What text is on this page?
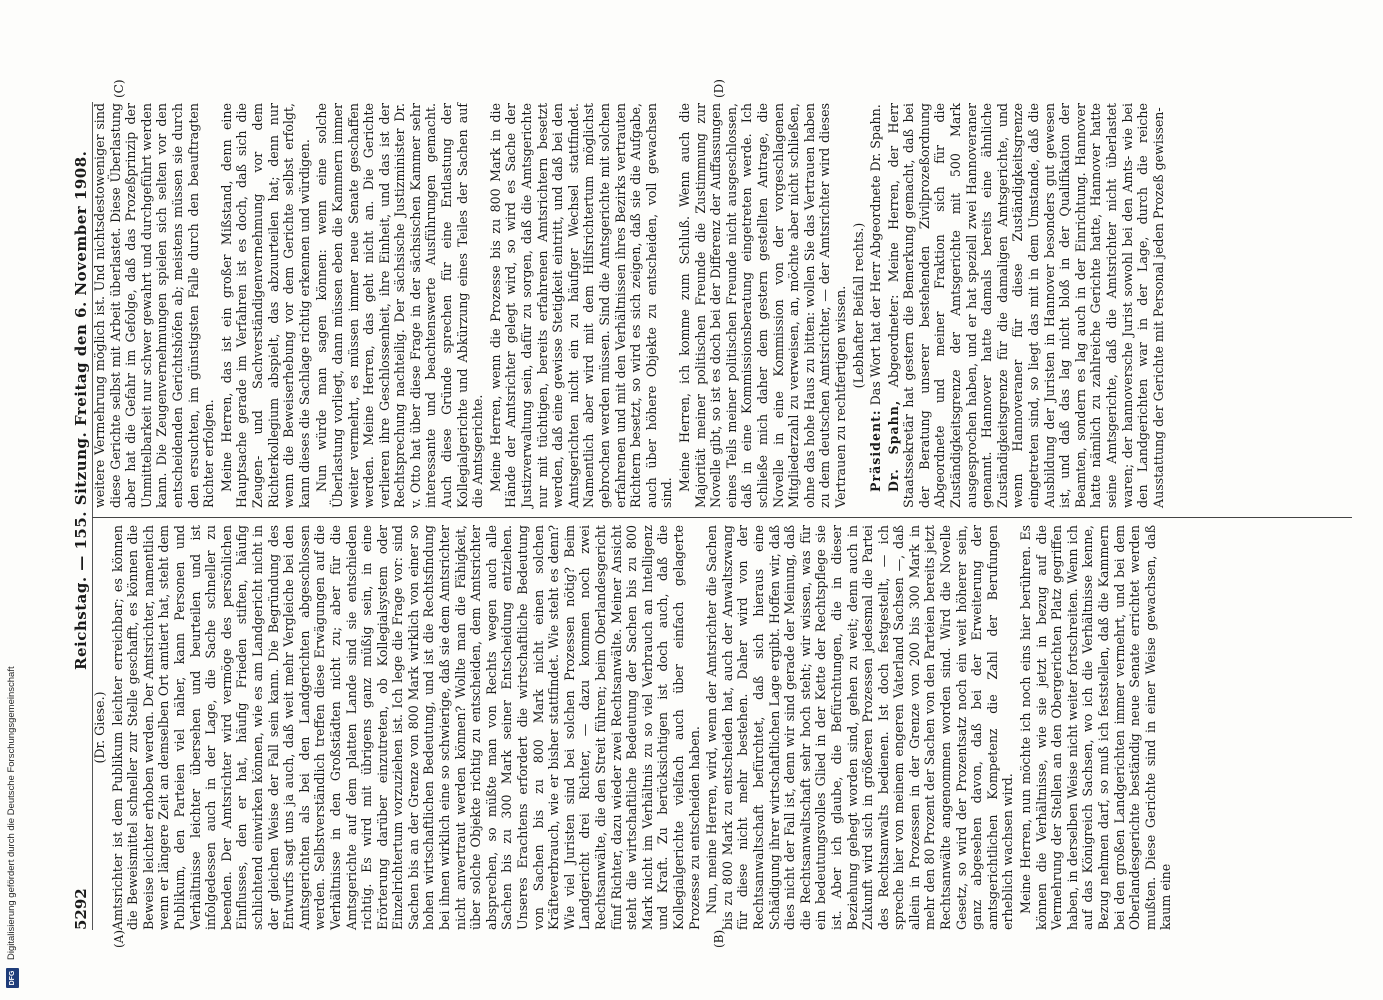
5292
Reichstag. — 155. Sitzung. Freitag den 6. November 1908.
DFG
Digitalisierung gefördert durch die Deutsche Forschungsgemeinschaft	(A)	(B)
(C)	(D)

(Dr. Giese.) Amtsrichter ist dem Publikum leichter erreichbar; es können die Beweismittel schneller zur Stelle geschafft, es können die Beweise leichter erhoben werden. Der Amtsrichter, namentlich wenn er längere Zeit an demselben Ort amtiert hat, steht dem Publikum, den Parteien viel näher, kann Personen und Verhältnisse leichter übersehen und beurteilen und ist infolgedessen auch in der Lage, die Sache schneller zu beenden. Der Amtsrichter wird vermöge des persönlichen Einflusses, den er hat, häufig Frieden stiften, häufig schlichtend einwirken können, wie es am Landgericht nicht in der gleichen Weise der Fall sein kann. Die Begründung des Entwurfs sagt uns ja auch, daß weit mehr Vergleiche bei den Amtsgerichten als bei den Landgerichten abgeschlossen werden. Selbstverständlich treffen diese Erwägungen auf die Verhältnisse in den Großstädten nicht zu; aber für die Amtsgerichte auf dem platten Lande sind sie entschieden richtig. Es wird mit übrigens ganz müßig sein, in eine Erörterung darüber einzutreten, ob Kollegialsystem oder Einzelrichtertum vorzuziehen ist. Ich lege die Frage vor: sind Sachen bis an der Grenze von 800 Mark wirklich von einer so hohen wirtschaftlichen Bedeutung, und ist die Rechtsfindung bei ihnen wirklich eine so schwierige, daß sie dem Amtsrichter nicht anvertraut werden können? Wollte man die Fähigkeit, über solche Objekte richtig zu entscheiden, dem Amtsrichter absprechen, so müßte man von Rechts wegen auch alle Sachen bis zu 300 Mark seiner Entscheidung entziehen. Unseres Erachtens erfordert die wirtschaftliche Bedeutung von Sachen bis zu 800 Mark nicht einen solchen Kräfteverbrauch, wie er bisher stattfindet. Wie steht es denn? Wie viel Juristen sind bei solchen Prozessen nötig? Beim Landgericht drei Richter, — dazu kommen noch zwei Rechtsanwälte, die den Streit führen; beim Oberlandesgericht fünf Richter, dazu wieder zwei Rechtsanwälte. Meiner Ansicht steht die wirtschaftliche Bedeutung der Sachen bis zu 800 Mark nicht im Verhältnis zu so viel Verbrauch an Intelligenz und Kraft. Zu berücksichtigen ist doch auch, daß die Kollegialgerichte vielfach auch über einfach gelagerte Prozesse zu entscheiden haben. Nun, meine Herren, wird, wenn der Amtsrichter die Sachen bis zu 800 Mark zu entscheiden hat, auch der Anwaltszwang für diese nicht mehr bestehen. Daher wird von der Rechtsanwaltschaft befürchtet, daß sich hieraus eine Schädigung ihrer wirtschaftlichen Lage ergibt. Hoffen wir, daß dies nicht der Fall ist, denn wir sind gerade der Meinung, daß die Rechtsanwaltschaft sehr hoch steht; wir wissen, was für ein bedeutungsvolles Glied in der Kette der Rechtspflege sie ist. Aber ich glaube, die Befürchtungen, die in dieser Beziehung gehegt worden sind, gehen zu weit; denn auch in Zukunft wird sich in größeren Prozessen jedesmal die Partei des Rechtsanwalts bedienen. Ist doch festgestellt, — ich spreche hier von meinem engeren Vaterland Sachsen —, daß allein in Prozessen in der Grenze von 200 bis 300 Mark in mehr den 80 Prozent der Sachen von den Parteien bereits jetzt Rechtsanwälte angenommen worden sind. Wird die Novelle Gesetz, so wird der Prozentsatz noch ein weit höherer sein, ganz abgesehen davon, daß bei der Erweiterung der amtsgerichtlichen Kompetenz die Zahl der Berufungen erheblich wachsen wird. Meine Herren, nun möchte ich noch eins hier berühren. Es können die Verhältnisse, wie sie jetzt in bezug auf die Vermehrung der Stellen an den Obergerichten Platz gegriffen haben, in derselben Weise nicht weiter fortschreiten. Wenn ich auf das Königreich Sachsen, wo ich die Verhältnisse kenne, Bezug nehmen darf, so muß ich feststellen, daß die Kammern bei den großen Landgerichten immer vermehrt, und bei dem Oberlandesgerichte beständig neue Senate errichtet werden mußten. Diese Gerichte sind in einer Weise gewachsen, daß kaum eine

weitere Vermehrung möglich ist. Und nichtsdestoweniger sind diese Gerichte selbst mit Arbeit überlastet. Diese Überlastung aber hat die Gefahr im Gefolge, daß das Prozeßprinzip der Unmittelbarkeit nur schwer gewahrt und durchgeführt werden kann. Die Zeugenvernehmungen spielen sich selten vor den entscheidenden Gerichtshöfen ab; meistens müssen sie durch den ersuchten, im günstigsten Falle durch den beauftragten Richter erfolgen. Meine Herren, das ist ein großer Mißstand, denn eine Hauptsache gerade im Verfahren ist es doch, daß sich die Zeugen- und Sachverständigenvernehmung vor dem Richterkollegium abspielt, das abzuurteilen hat; denn nur wenn die Beweiserhebung vor dem Gerichte selbst erfolgt, kann dieses die Sachlage richtig erkennen und würdigen. Nun würde man sagen können: wenn eine solche Überlastung vorliegt, dann müssen eben die Kammern immer weiter vermehrt, es müssen immer neue Senate geschaffen werden. Meine Herren, das geht nicht an. Die Gerichte verlieren ihre Geschlossenheit, ihre Einheit, und das ist der Rechtsprechung nachteilig. Der sächsische Justizminister Dr. v. Otto hat über diese Frage in der sächsischen Kammer sehr interessante und beachtenswerte Ausführungen gemacht. Auch diese Gründe sprechen für eine Entlastung der Kollegialgerichte und Abkürzung eines Teiles der Sachen auf die Amtsgerichte. Meine Herren, wenn die Prozesse bis zu 800 Mark in die Hände der Amtsrichter gelegt wird, so wird es Sache der Justizverwaltung sein, dafür zu sorgen, daß die Amtsgerichte nur mit tüchtigen, bereits erfahrenen Amtsrichtern besetzt werden, daß eine gewisse Stetigkeit eintritt, und daß bei den Amtsgerichten nicht ein zu häufiger Wechsel stattfindet. Namentlich aber wird mit dem Hilfsrichtertum möglichst gebrochen werden müssen. Sind die Amtsgerichte mit solchen erfahrenen und mit den Verhältnissen ihres Bezirks vertrauten Richtern besetzt, so wird es sich zeigen, daß sie die Aufgabe, auch über höhere Objekte zu entscheiden, voll gewachsen sind.

Meine Herren, ich komme zum Schluß. Wenn auch die Majorität meiner politischen Freunde die Zustimmung zur Novelle gibt, so ist es doch bei der Differenz der Auffassungen eines Teils meiner politischen Freunde nicht ausgeschlossen, daß in eine Kommissionsberatung eingetreten werde. Ich schließe mich daher dem gestern gestellten Antrage, die Novelle in eine Kommission von der vorgeschlagenen Mitgliederzahl zu verweisen, an, möchte aber nicht schließen, ohne das hohe Haus zu bitten: wollen Sie das Vertrauen haben zu dem deutschen Amtsrichter, — der Amtsrichter wird dieses Vertrauen zu rechtfertigen wissen. (Lebhafter Beifall rechts.)

Präsident: Das Wort hat der Herr Abgeordnete Dr. Spahn.

Dr. Spahn, Abgeordneter: Meine Herren, der Herr Staatssekretär hat gestern die Bemerkung gemacht, daß bei der Beratung unserer bestehenden Zivilprozeßordnung Abgeordnete und meiner Fraktion sich für die Zuständigkeitsgrenze der Amtsgerichte mit 500 Mark ausgesprochen haben, und er hat speziell zwei Hannoveraner genannt. Hannover hatte damals bereits eine ähnliche Zuständigkeitsgrenze für die damaligen Amtsgerichte, und wenn Hannoveraner für diese Zuständigkeitsgrenze eingetreten sind, so liegt das mit in dem Umstande, daß die Ausbildung der Juristen in Hannover besonders gut gewesen ist, und daß das lag nicht bloß in der Qualifikation der Beamten, sondern es lag auch in der Einrichtung. Hannover hatte nämlich zu zahlreiche Gerichte hatte, Hannover hatte seine Amtsgerichte, daß die Amtsrichter nicht überlastet waren; der hannoversche Jurist sowohl bei den Amts- wie bei den Landgerichten war in der Lage, durch die reiche Ausstattung der Gerichte mit Personal jeden Prozeß gewissen-
